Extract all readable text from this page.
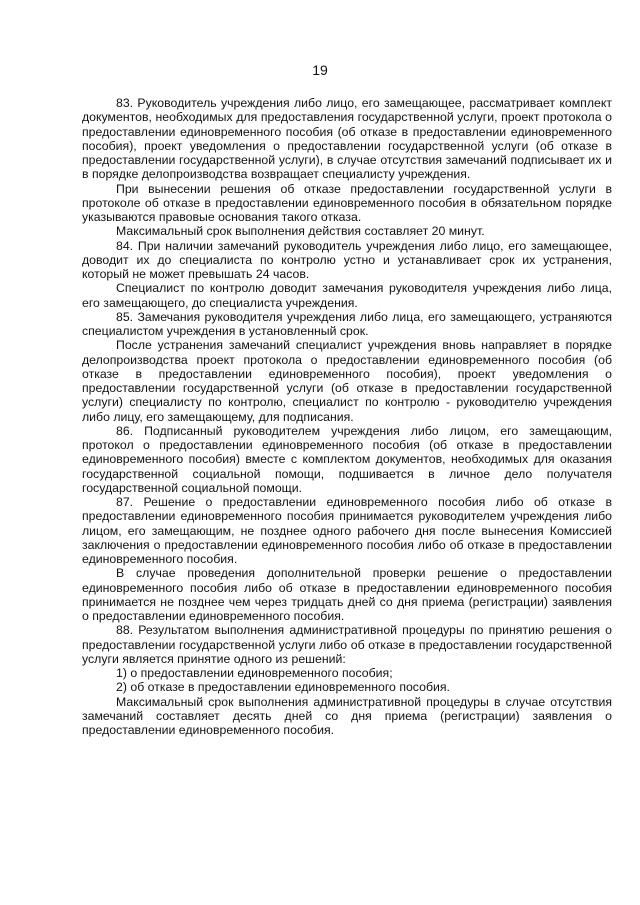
19

83. Руководитель учреждения либо лицо, его замещающее, рассматривает комплект документов, необходимых для предоставления государственной услуги, проект протокола о предоставлении единовременного пособия (об отказе в предоставлении единовременного пособия), проект уведомления о предоставлении государственной услуги (об отказе в предоставлении государственной услуги), в случае отсутствия замечаний подписывает их и в порядке делопроизводства возвращает специалисту учреждения.

При вынесении решения об отказе предоставлении государственной услуги в протоколе об отказе в предоставлении единовременного пособия в обязательном порядке указываются правовые основания такого отказа.

Максимальный срок выполнения действия составляет 20 минут.

84. При наличии замечаний руководитель учреждения либо лицо, его замещающее, доводит их до специалиста по контролю устно и устанавливает срок их устранения, который не может превышать 24 часов.

Специалист по контролю доводит замечания руководителя учреждения либо лица, его замещающего, до специалиста учреждения.

85. Замечания руководителя учреждения либо лица, его замещающего, устраняются специалистом учреждения в установленный срок.

После устранения замечаний специалист учреждения вновь направляет в порядке делопроизводства проект протокола о предоставлении единовременного пособия (об отказе в предоставлении единовременного пособия), проект уведомления о предоставлении государственной услуги (об отказе в предоставлении государственной услуги) специалисту по контролю, специалист по контролю - руководителю учреждения либо лицу, его замещающему, для подписания.

86. Подписанный руководителем учреждения либо лицом, его замещающим, протокол о предоставлении единовременного пособия (об отказе в предоставлении единовременного пособия) вместе с комплектом документов, необходимых для оказания государственной социальной помощи, подшивается в личное дело получателя государственной социальной помощи.

87. Решение о предоставлении единовременного пособия либо об отказе в предоставлении единовременного пособия принимается руководителем учреждения либо лицом, его замещающим, не позднее одного рабочего дня после вынесения Комиссией заключения о предоставлении единовременного пособия либо об отказе в предоставлении единовременного пособия.

В случае проведения дополнительной проверки решение о предоставлении единовременного пособия либо об отказе в предоставлении единовременного пособия принимается не позднее чем через тридцать дней со дня приема (регистрации) заявления о предоставлении единовременного пособия.

88. Результатом выполнения административной процедуры по принятию решения о предоставлении государственной услуги либо об отказе в предоставлении государственной услуги является принятие одного из решений:

1) о предоставлении единовременного пособия;

2) об отказе в предоставлении единовременного пособия.

Максимальный срок выполнения административной процедуры в случае отсутствия замечаний составляет десять дней со дня приема (регистрации) заявления о предоставлении единовременного пособия.
